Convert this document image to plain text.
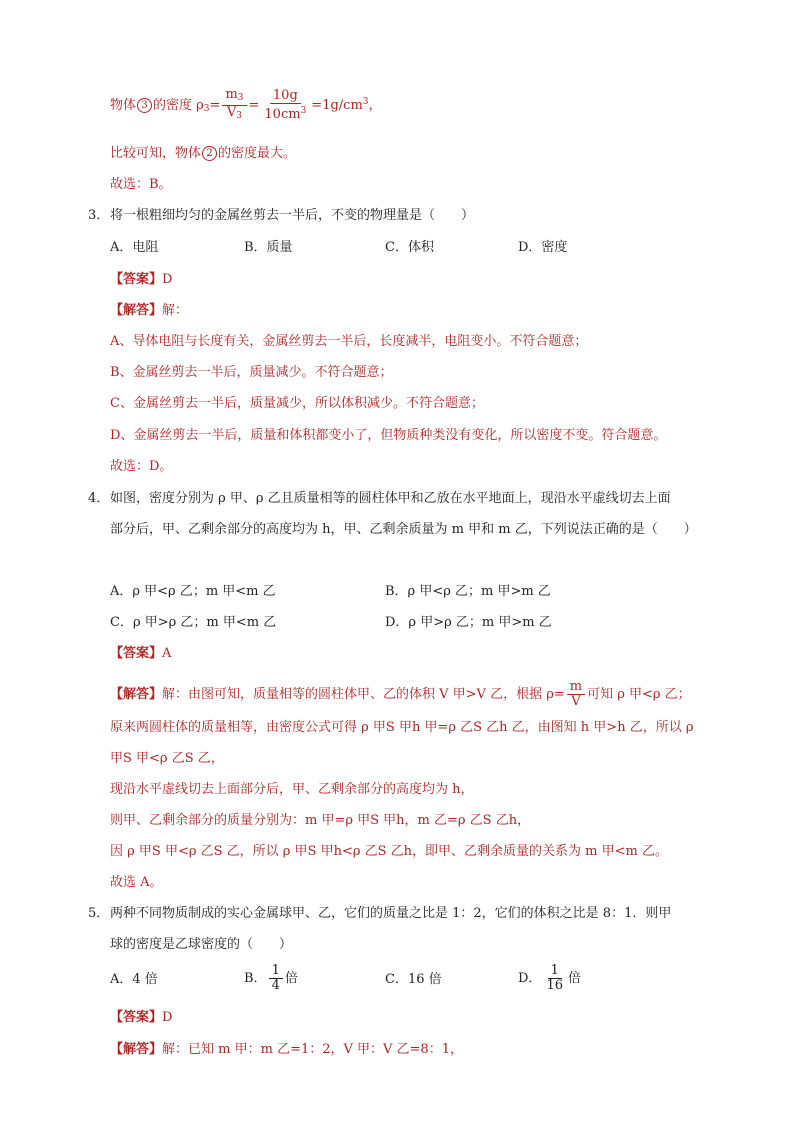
物体 3 的密度 $\rho_3= \frac{m_3}{V_3} = \frac{10g}{10cm^3} =1g/cm^3$，
比较可知，物体 2 的密度最大。
故选：B。
3． 将一根粗细均匀的金属丝剪去一半后，不变的物理量是（　　）
A．电阻	B．质量	C．体积	D．密度
【答案】D
【解答】解：
A、导体电阻与长度有关，金属丝剪去一半后，长度减半，电阻变小。不符合题意；
B、金属丝剪去一半后，质量减少。不符合题意；
C、金属丝剪去一半后，质量减少，所以体积减少。不符合题意；
D、金属丝剪去一半后，质量和体积都变小了，但物质种类没有变化，所以密度不变。符合题意。
故选：D。
4． 如图，密度分别为 ρ 甲、ρ 乙且质量相等的圆柱体甲和乙放在水平地面上，现沿水平虚线切去上面
部分后，甲、乙剩余部分的高度均为 h，甲、乙剩余质量为 m 甲和 m 乙，下列说法正确的是（　　）
A．ρ 甲<ρ 乙；m 甲<m 乙	B．ρ 甲<ρ 乙；m 甲>m 乙
C．ρ 甲>ρ 乙；m 甲<m 乙	D．ρ 甲>ρ 乙；m 甲>m 乙
【答案】A
【解答】解：由图可知，质量相等的圆柱体甲、乙的体积 V 甲>V 乙，根据 $\rho= \frac{m}{V}$ 可知 ρ 甲<ρ 乙；
原来两圆柱体的质量相等，由密度公式可得 ρ 甲S 甲h 甲=ρ 乙S 乙h 乙，由图知 h 甲>h 乙，所以 ρ
甲S 甲<ρ 乙S 乙，
现沿水平虚线切去上面部分后，甲、乙剩余部分的高度均为 h，
则甲、乙剩余部分的质量分别为：m 甲=ρ 甲S 甲h，m 乙=ρ 乙S 乙h，
因 ρ 甲S 甲<ρ 乙S 乙，所以 ρ 甲S 甲h<ρ 乙S 乙h，即甲、乙剩余质量的关系为 m 甲<m 乙。
故选 A。
5． 两种不同物质制成的实心金属球甲、乙，它们的质量之比是 1：2，它们的体积之比是 8：1．则甲
球的密度是乙球密度的（　　）
A．4 倍	B． $\frac{1}{4}$ 倍	C．16 倍	D． $\frac{1}{16}$ 倍
【答案】D
【解答】解：已知 m 甲：m 乙=1：2，V 甲：V 乙=8：1，
